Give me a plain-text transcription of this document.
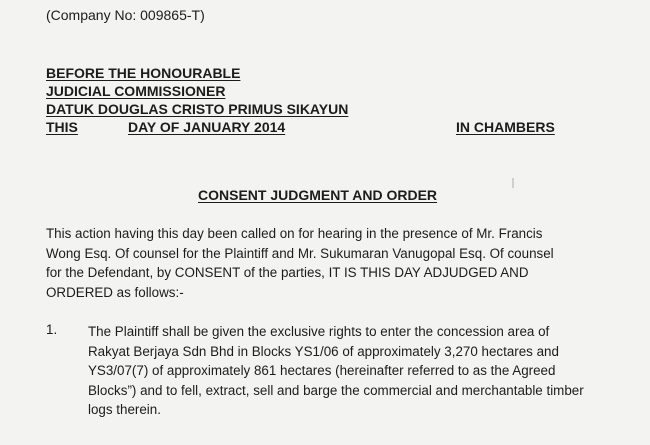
(Company No: 009865-T)
BEFORE THE HONOURABLE
JUDICIAL COMMISSIONER
DATUK DOUGLAS CRISTO PRIMUS SIKAYUN
THIS	DAY OF JANUARY 2014	IN CHAMBERS
CONSENT JUDGMENT AND ORDER
This action having this day been called on for hearing in the presence of Mr. Francis Wong Esq. Of counsel for the Plaintiff and Mr. Sukumaran Vanugopal Esq. Of counsel for the Defendant, by CONSENT of the parties, IT IS THIS DAY ADJUDGED AND ORDERED as follows:-
1. The Plaintiff shall be given the exclusive rights to enter the concession area of Rakyat Berjaya Sdn Bhd in Blocks YS1/06 of approximately 3,270 hectares and YS3/07(7) of approximately 861 hectares (hereinafter referred to as the Agreed Blocks”) and to fell, extract, sell and barge the commercial and merchantable timber logs therein.
